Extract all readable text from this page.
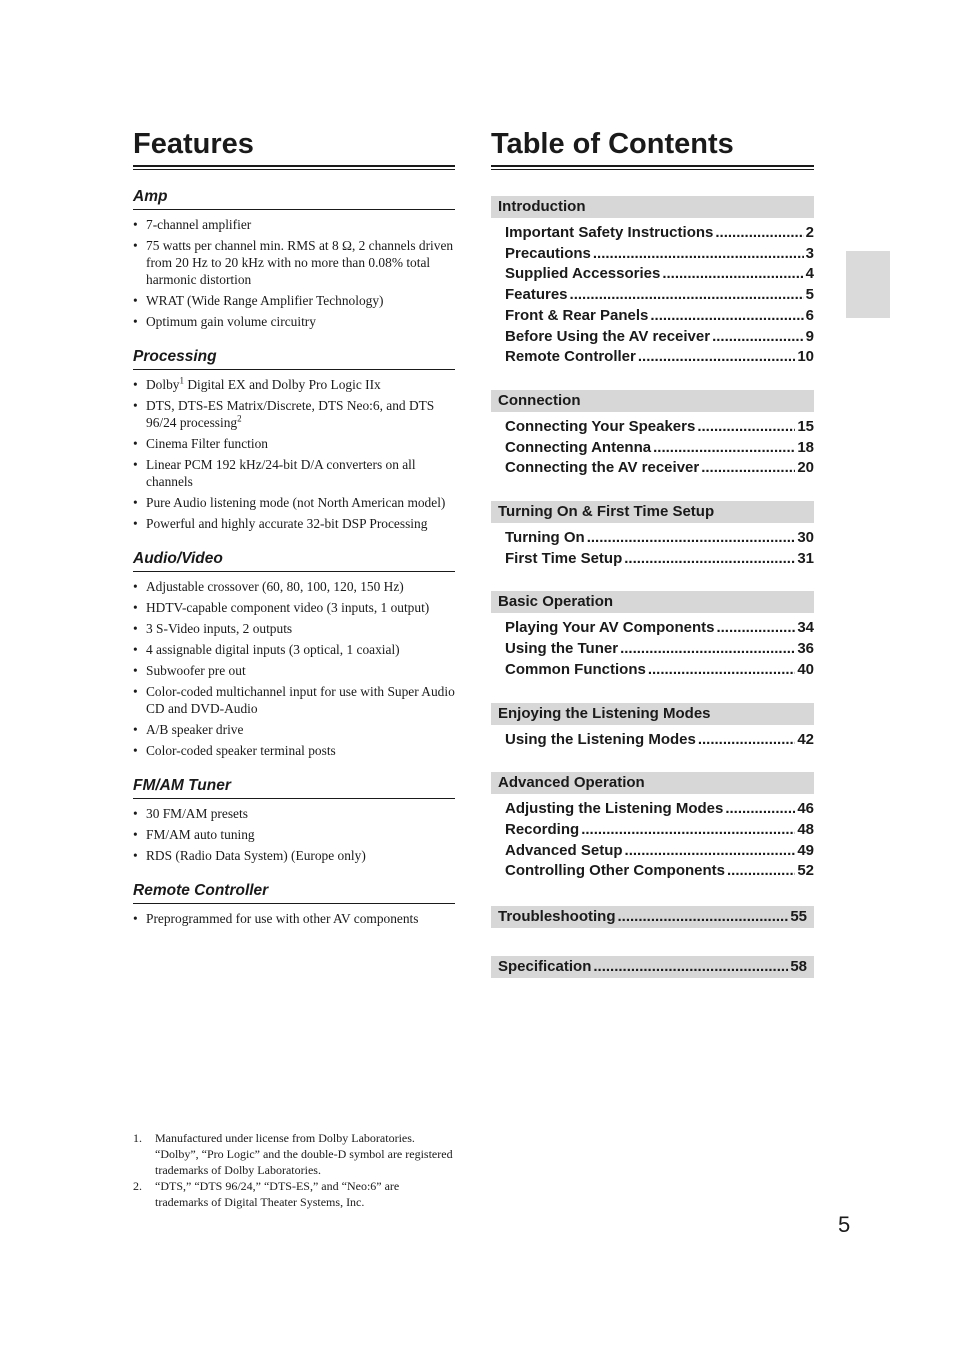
Features
Amp
• 7-channel amplifier
• 75 watts per channel min. RMS at 8 Ω, 2 channels driven from 20 Hz to 20 kHz with no more than 0.08% total harmonic distortion
• WRAT (Wide Range Amplifier Technology)
• Optimum gain volume circuitry
Processing
• Dolby$^1$ Digital EX and Dolby Pro Logic IIx
• DTS, DTS-ES Matrix/Discrete, DTS Neo:6, and DTS 96/24 processing$^2$
• Cinema Filter function
• Linear PCM 192 kHz/24-bit D/A converters on all channels
• Pure Audio listening mode (not North American model)
• Powerful and highly accurate 32-bit DSP Processing
Audio/Video
• Adjustable crossover (60, 80, 100, 120, 150 Hz)
• HDTV-capable component video (3 inputs, 1 output)
• 3 S-Video inputs, 2 outputs
• 4 assignable digital inputs (3 optical, 1 coaxial)
• Subwoofer pre out
• Color-coded multichannel input for use with Super Audio CD and DVD-Audio
• A/B speaker drive
• Color-coded speaker terminal posts
FM/AM Tuner
• 30 FM/AM presets
• FM/AM auto tuning
• RDS (Radio Data System) (Europe only)
Remote Controller
• Preprogrammed for use with other AV components
Table of Contents
Introduction
Important Safety Instructions .....	2
Precautions .....	3
Supplied Accessories .....	4
Features .....	5
Front & Rear Panels .....	6
Before Using the AV receiver .....	9
Remote Controller .....	10
Connection
Connecting Your Speakers .....	15
Connecting Antenna .....	18
Connecting the AV receiver .....	20
Turning On & First Time Setup
Turning On .....	30
First Time Setup .....	31
Basic Operation
Playing Your AV Components .....	34
Using the Tuner .....	36
Common Functions .....	40
Enjoying the Listening Modes
Using the Listening Modes .....	42
Advanced Operation
Adjusting the Listening Modes .....	46
Recording .....	48
Advanced Setup .....	49
Controlling Other Components .....	52
Troubleshooting .....	55
Specification .....	58
1. Manufactured under license from Dolby Laboratories. “Dolby”, “Pro Logic” and the double-D symbol are registered trademarks of Dolby Laboratories.
2. “DTS,” “DTS 96/24,” “DTS-ES,” and “Neo:6” are trademarks of Digital Theater Systems, Inc.
5
